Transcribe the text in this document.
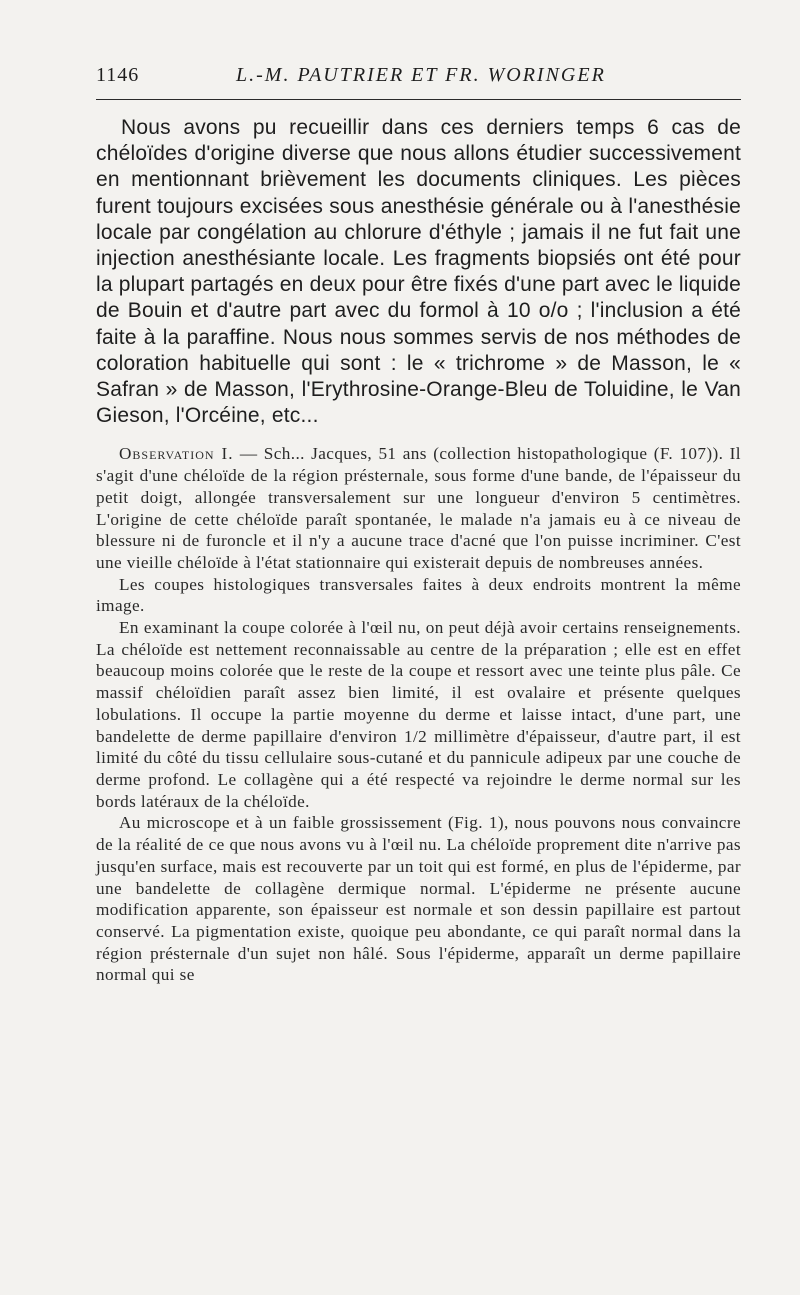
1146	L.-M. PAUTRIER ET FR. WORINGER

Nous avons pu recueillir dans ces derniers temps 6 cas de chéloïdes d'origine diverse que nous allons étudier successivement en mentionnant brièvement les documents cliniques. Les pièces furent toujours excisées sous anesthésie générale ou à l'anesthésie locale par congélation au chlorure d'éthyle ; jamais il ne fut fait une injection anesthésiante locale. Les fragments biopsiés ont été pour la plupart partagés en deux pour être fixés d'une part avec le liquide de Bouin et d'autre part avec du formol à 10 o/o ; l'inclusion a été faite à la paraffine. Nous nous sommes servis de nos méthodes de coloration habituelle qui sont : le « trichrome » de Masson, le « Safran » de Masson, l'Erythrosine-Orange-Bleu de Toluidine, le Van Gieson, l'Orcéine, etc...

Observation I. — Sch... Jacques, 51 ans (collection histopathologique (F. 107)). Il s'agit d'une chéloïde de la région présternale, sous forme d'une bande, de l'épaisseur du petit doigt, allongée transversalement sur une longueur d'environ 5 centimètres. L'origine de cette chéloïde paraît spontanée, le malade n'a jamais eu à ce niveau de blessure ni de furoncle et il n'y a aucune trace d'acné que l'on puisse incriminer. C'est une vieille chéloïde à l'état stationnaire qui existerait depuis de nombreuses années.

Les coupes histologiques transversales faites à deux endroits montrent la même image.

En examinant la coupe colorée à l'œil nu, on peut déjà avoir certains renseignements. La chéloïde est nettement reconnaissable au centre de la préparation ; elle est en effet beaucoup moins colorée que le reste de la coupe et ressort avec une teinte plus pâle. Ce massif chéloïdien paraît assez bien limité, il est ovalaire et présente quelques lobulations. Il occupe la partie moyenne du derme et laisse intact, d'une part, une bandelette de derme papillaire d'environ 1/2 millimètre d'épaisseur, d'autre part, il est limité du côté du tissu cellulaire sous-cutané et du pannicule adipeux par une couche de derme profond. Le collagène qui a été respecté va rejoindre le derme normal sur les bords latéraux de la chéloïde.

Au microscope et à un faible grossissement (Fig. 1), nous pouvons nous convaincre de la réalité de ce que nous avons vu à l'œil nu. La chéloïde proprement dite n'arrive pas jusqu'en surface, mais est recouverte par un toit qui est formé, en plus de l'épiderme, par une bandelette de collagène dermique normal. L'épiderme ne présente aucune modification apparente, son épaisseur est normale et son dessin papillaire est partout conservé. La pigmentation existe, quoique peu abondante, ce qui paraît normal dans la région présternale d'un sujet non hâlé. Sous l'épiderme, apparaît un derme papillaire normal qui se
